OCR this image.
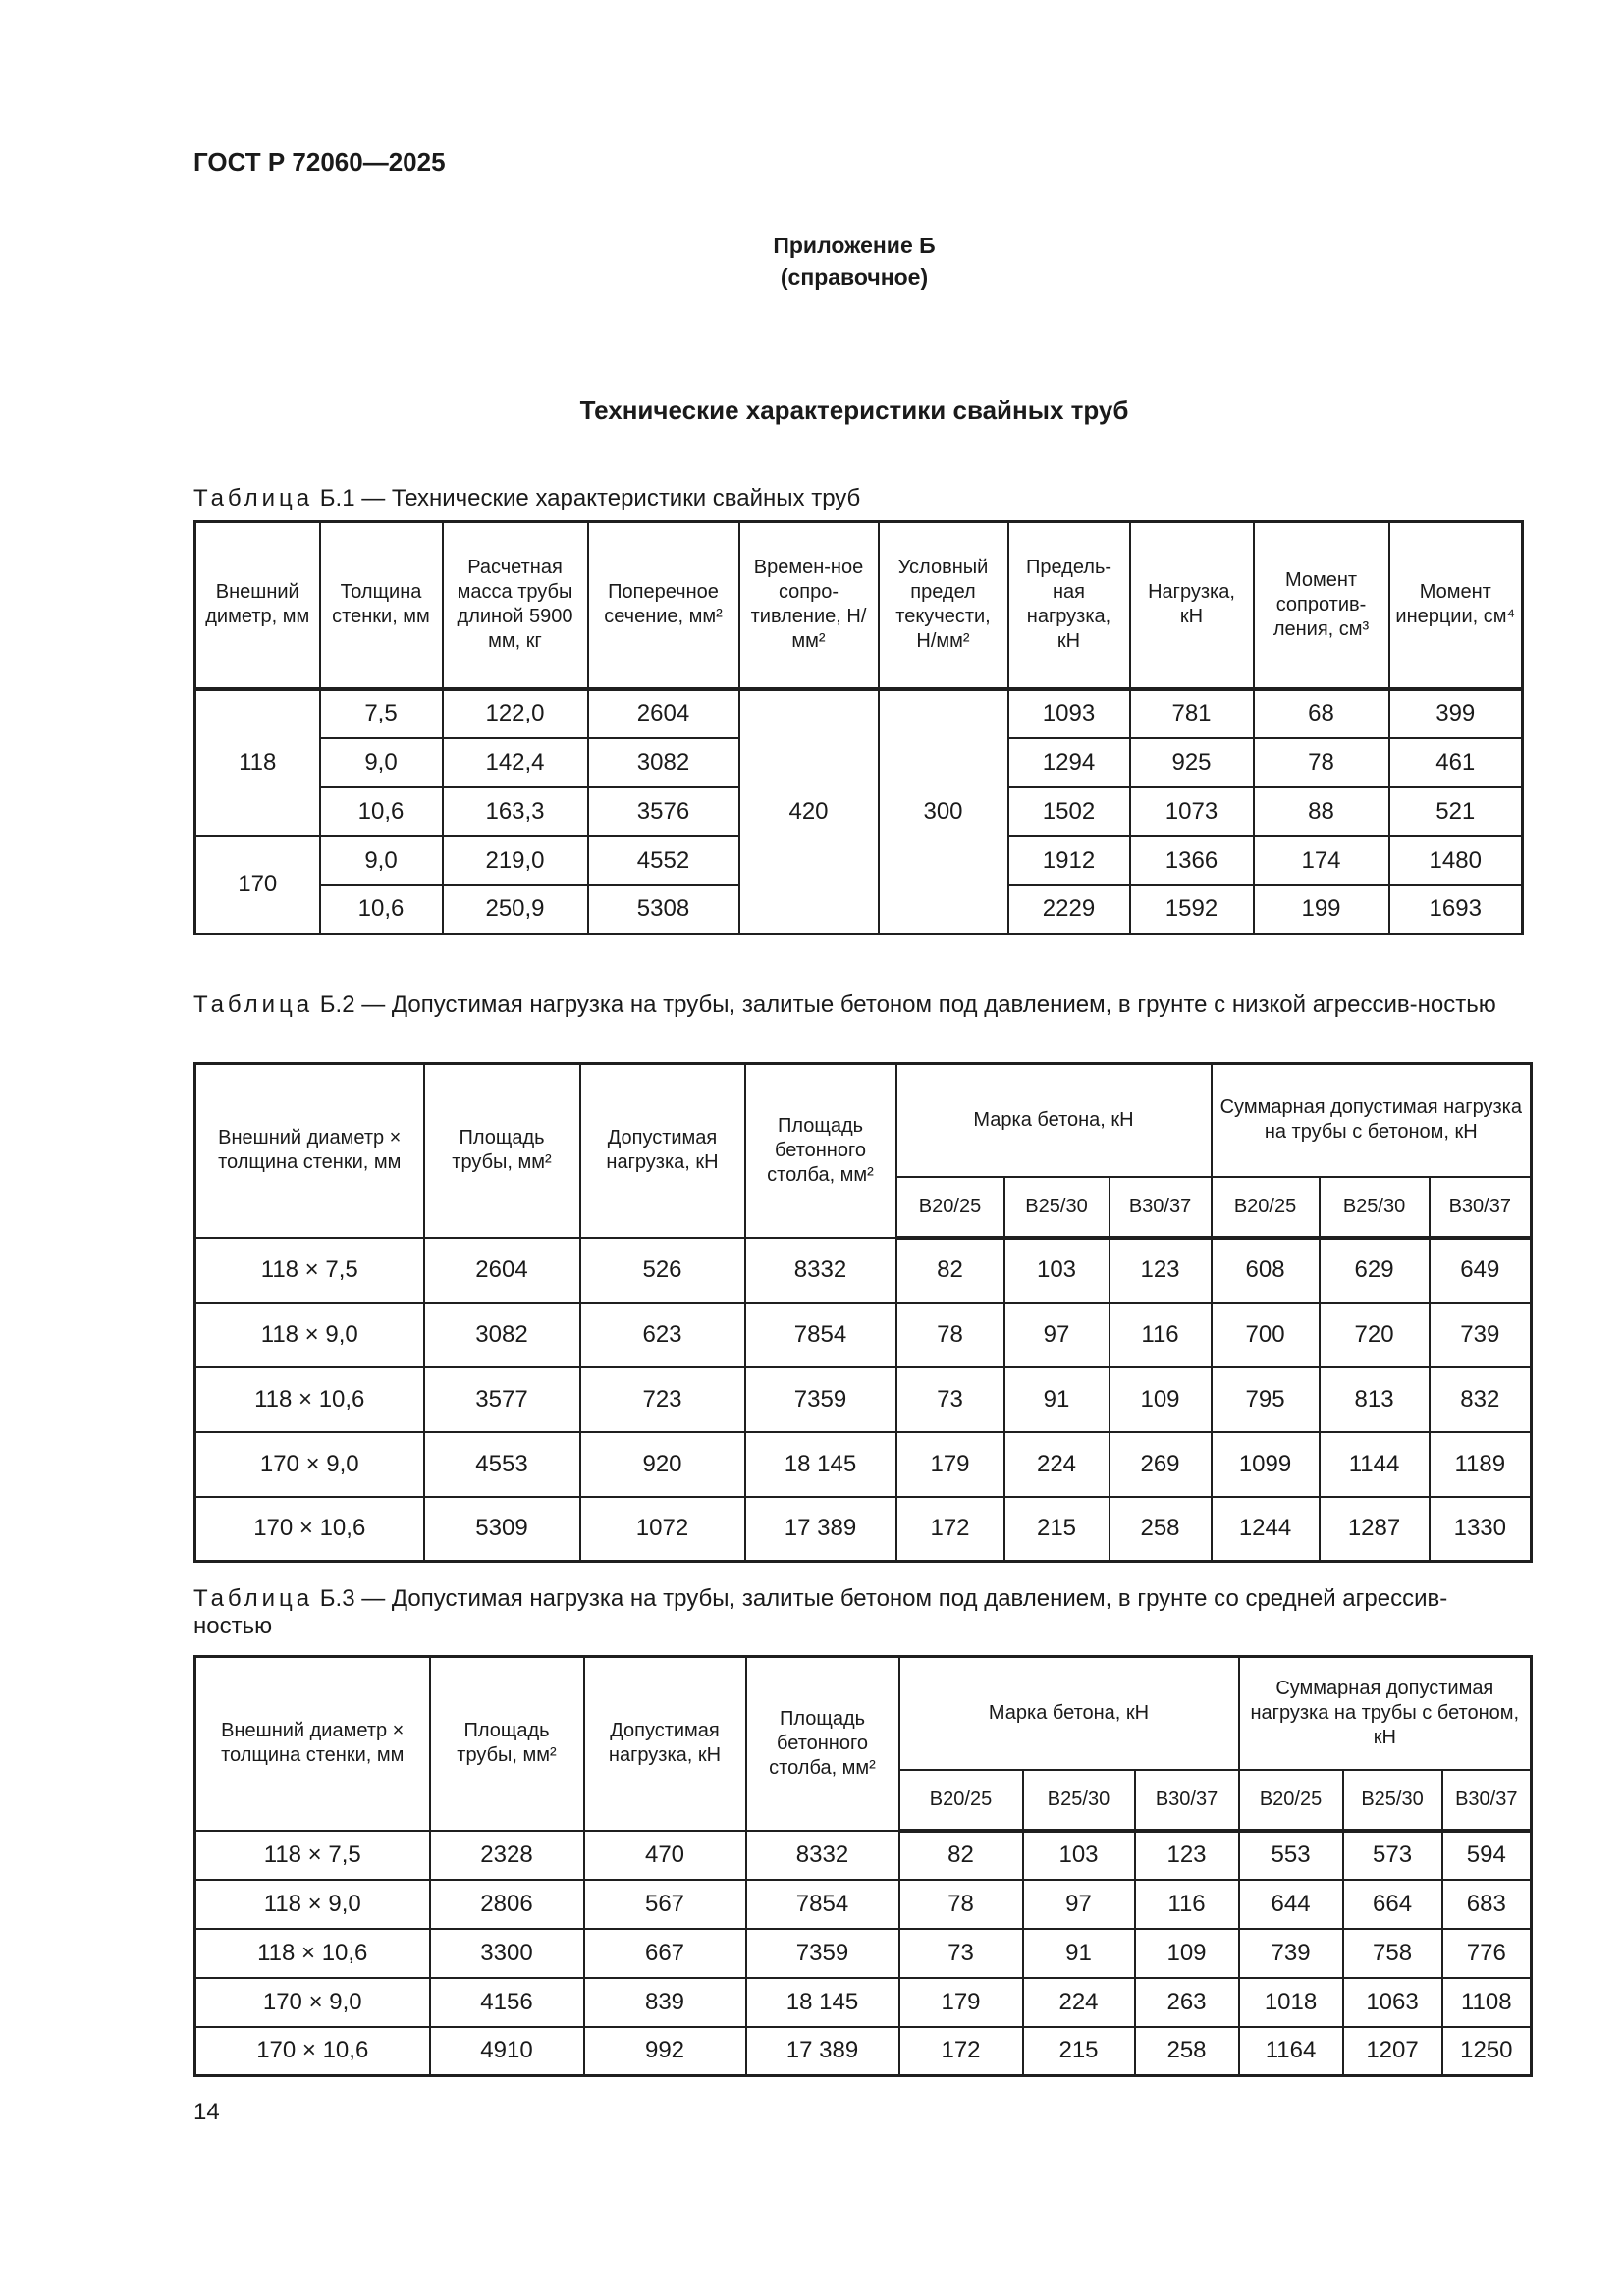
ГОСТ Р 72060—2025
Приложение Б
(справочное)
Технические характеристики свайных труб
Таблица Б.1 — Технические характеристики свайных труб
Внешний диметр, мм	Толщина стенки, мм	Расчетная масса трубы длиной 5900 мм, кг	Поперечное сечение, мм²	Времен-ное сопро-тивление, Н/мм²	Условный предел текучести, Н/мм²	Предель-ная нагрузка, кН	Нагрузка, кН	Момент сопротив-ления, см³	Момент инерции, см⁴
118	7,5	122,0	2604	420	300	1093	781	68	399
	9,0	142,4	3082			1294	925	78	461
	10,6	163,3	3576			1502	1073	88	521
170	9,0	219,0	4552			1912	1366	174	1480
	10,6	250,9	5308			2229	1592	199	1693
Таблица Б.2 — Допустимая нагрузка на трубы, залитые бетоном под давлением, в грунте с низкой агрессив-ностью
Внешний диаметр × толщина стенки, мм	Площадь трубы, мм²	Допустимая нагрузка, кН	Площадь бетонного столба, мм²	Марка бетона, кН			Суммарная допустимая нагрузка на трубы с бетоном, кН		
				В20/25	В25/30	В30/37	В20/25	В25/30	В30/37
118 × 7,5	2604	526	8332	82	103	123	608	629	649
118 × 9,0	3082	623	7854	78	97	116	700	720	739
118 × 10,6	3577	723	7359	73	91	109	795	813	832
170 × 9,0	4553	920	18 145	179	224	269	1099	1144	1189
170 × 10,6	5309	1072	17 389	172	215	258	1244	1287	1330
Таблица Б.3 — Допустимая нагрузка на трубы, залитые бетоном под давлением, в грунте со средней агрессив-ностью
Внешний диаметр × толщина стенки, мм	Площадь трубы, мм²	Допустимая нагрузка, кН	Площадь бетонного столба, мм²	Марка бетона, кН			Суммарная допустимая нагрузка на трубы с бетоном, кН		
				В20/25	В25/30	В30/37	В20/25	В25/30	В30/37
118 × 7,5	2328	470	8332	82	103	123	553	573	594
118 × 9,0	2806	567	7854	78	97	116	644	664	683
118 × 10,6	3300	667	7359	73	91	109	739	758	776
170 × 9,0	4156	839	18 145	179	224	263	1018	1063	1108
170 × 10,6	4910	992	17 389	172	215	258	1164	1207	1250
14
